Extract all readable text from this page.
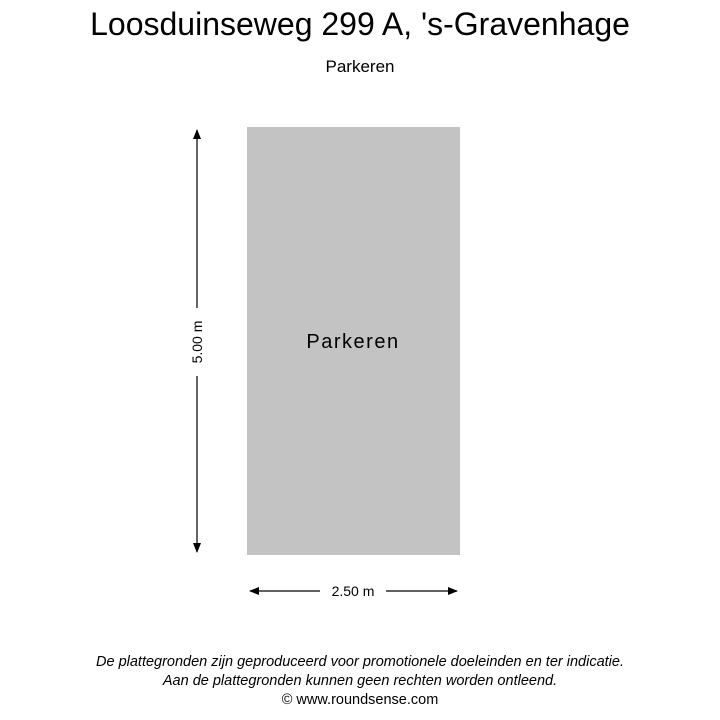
Loosduinseweg 299 A, 's-Gravenhage
Parkeren
Parkeren
5.00 m
2.50 m
De plattegronden zijn geproduceerd voor promotionele doeleinden en ter indicatie.
Aan de plattegronden kunnen geen rechten worden ontleend.
© www.roundsense.com
